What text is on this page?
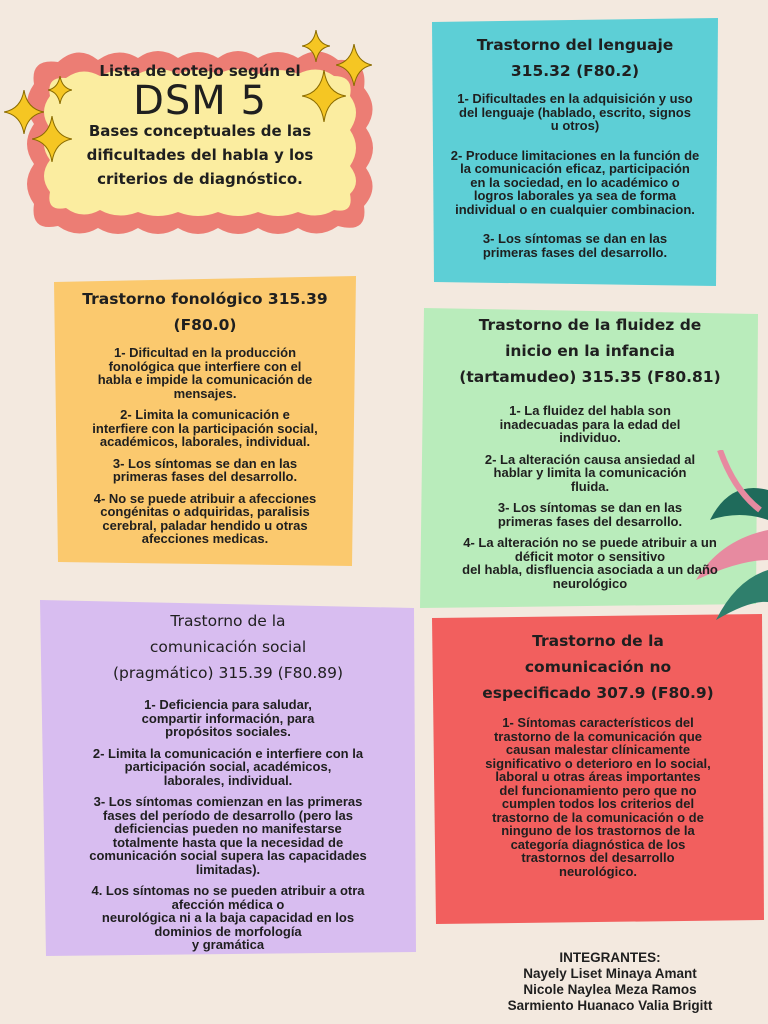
Lista de cotejo según el
DSM 5
Bases conceptuales de las
dificultades del habla y los
criterios de diagnóstico.
Trastorno del lenguaje
315.32 (F80.2)
1- Dificultades en la adquisición y uso
del lenguaje (hablado, escrito, signos
u otros)
2- Produce limitaciones en la función de
la comunicación eficaz, participación
en la sociedad, en lo académico o
logros laborales ya sea de forma
individual o en cualquier combinacion.
3- Los síntomas se dan en las
primeras fases del desarrollo.
Trastorno fonológico 315.39
(F80.0)
1- Dificultad en la producción
fonológica que interfiere con el
habla e impide la comunicación de
mensajes.
2- Limita la comunicación e
interfiere con la participación social,
académicos, laborales, individual.
3- Los síntomas se dan en las
primeras fases del desarrollo.
4- No se puede atribuir a afecciones
congénitas o adquiridas, paralisis
cerebral, paladar hendido u otras
afecciones medicas.
Trastorno de la fluidez de
inicio en la infancia
(tartamudeo) 315.35 (F80.81)
1- La fluidez del habla son
inadecuadas para la edad del
individuo.
2- La alteración causa ansiedad al
hablar y limita la comunicación
fluida.
3- Los síntomas se dan en las
primeras fases del desarrollo.
4- La alteración no se puede atribuir a un
déficit motor o sensitivo
del habla, disfluencia asociada a un daño
neurológico
Trastorno de la
comunicación social
(pragmático) 315.39 (F80.89)
1- Deficiencia para saludar,
compartir información, para
propósitos sociales.
2- Limita la comunicación e interfiere con la
participación social, académicos,
laborales, individual.
3- Los síntomas comienzan en las primeras
fases del período de desarrollo (pero las
deficiencias pueden no manifestarse
totalmente hasta que la necesidad de
comunicación social supera las capacidades
limitadas).
4. Los síntomas no se pueden atribuir a otra
afección médica o
neurológica ni a la baja capacidad en los
dominios de morfología
y gramática
Trastorno de la
comunicación no
especificado 307.9 (F80.9)
1- Síntomas característicos del
trastorno de la comunicación que
causan malestar clínicamente
significativo o deterioro en lo social,
laboral u otras áreas importantes
del funcionamiento pero que no
cumplen todos los criterios del
trastorno de la comunicación o de
ninguno de los trastornos de la
categoría diagnóstica de los
trastornos del desarrollo
neurológico.
INTEGRANTES:
Nayely Liset Minaya Amant
Nicole Naylea Meza Ramos
Sarmiento Huanaco Valia Brigitt
